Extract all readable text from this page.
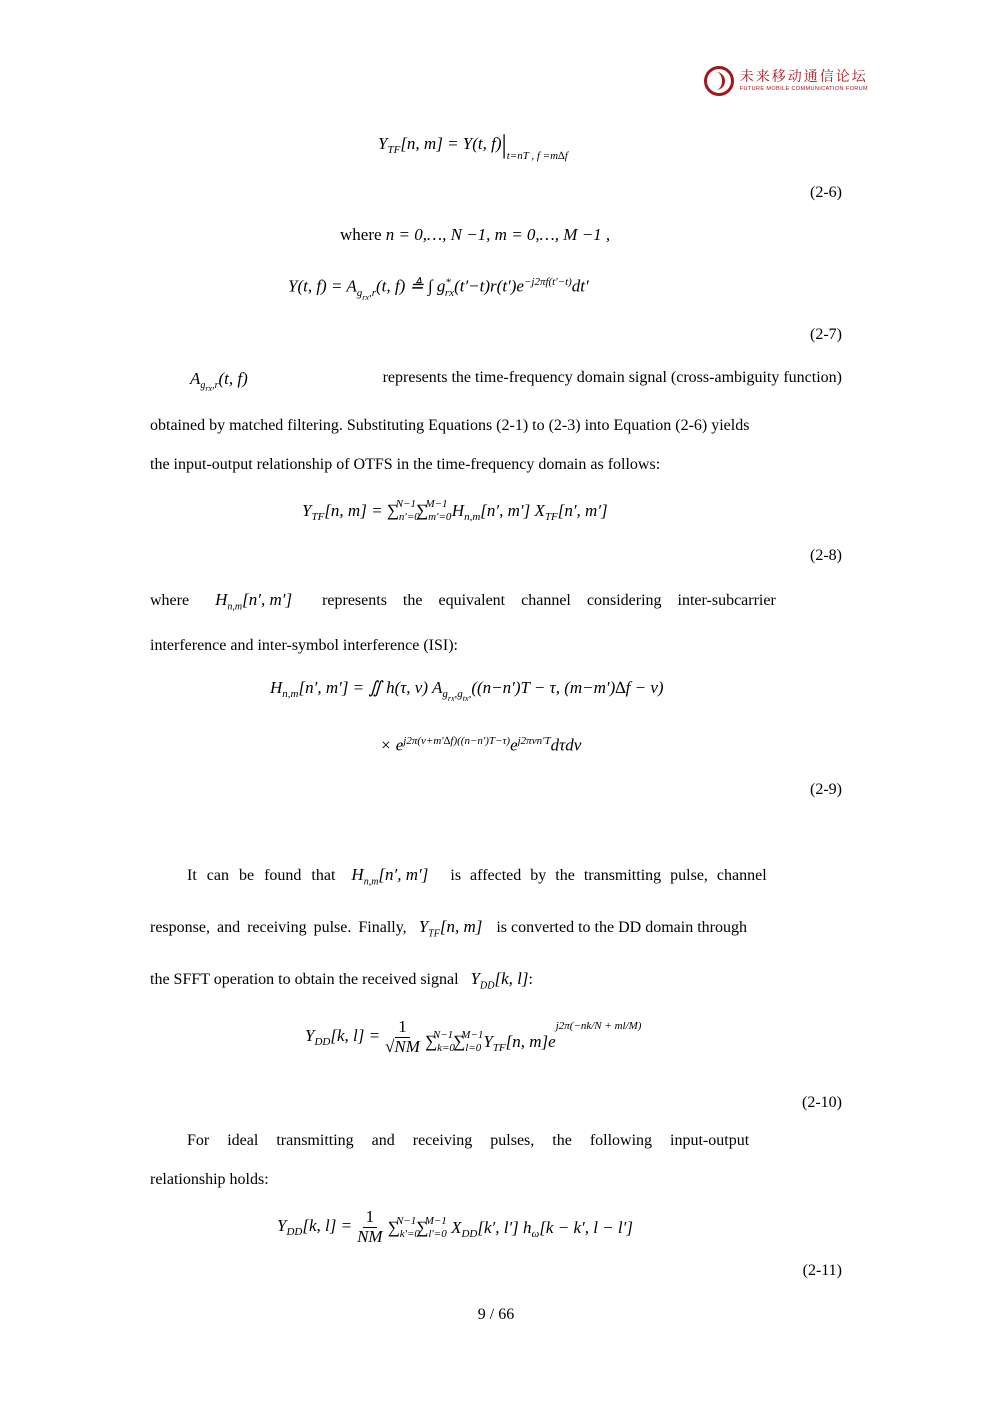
未来移动通信论坛
FUTURE MOBILE COMMUNICATION FORUM
$Y_{TF}[n$, m] = Y(t, $f)|_{t=nT , f =m\Delta f}$
(2-6)
where n = 0,…, N −1, m = 0,…, M −1 ,
Y(t, $f) = A_{g_{rx},r}(t$, f) ≜ ∫ $g^*_{rx}(t'-t)r(t')e^{-j2\pi f(t'-t)}dt'$
(2-7)
$A_{g_{rx},r}(t$, f)	represents the time-frequency domain signal (cross-ambiguity function)
obtained by matched filtering. Substituting Equations (2-1) to (2-3) into Equation (2-6) yields
the input-output relationship of OTFS in the time-frequency domain as follows:
$Y_{TF}[n$, $m] = \sum_{n'=0}^{N-1}\sum_{m'=0}^{M-1}$ $H_{n,m}[n'$, m′] $X_{TF}[n'$, m′]
(2-8)
where $H_{n,m}[n'$, m′] represents the equivalent channel considering inter-subcarrier
interference and inter-symbol interference (ISI):
$H_{n,m}[n'$, m′] = ∬ h(τ, v) $A_{g_{rx},g_{tx},}((n-n')T - \tau$, (m−m′)∆f − v)
× $e^{j2\pi(v+m'\Delta f)((n-n')T-\tau)}e^{j2\pi vn'T}d\tau dv$
(2-9)
It can be found that $H_{n,m}[n'$, m′] is affected by the transmitting pulse, channel
response, and receiving pulse. Finally, $Y_{TF}[n$, m] is converted to the DD domain through
the SFFT operation to obtain the received signal $Y_{DD}[k$, l] :
$Y_{DD}[k$, $l] = \frac{1}{√NM} \sum_{k=0}^{N-1}\sum_{l=0}^{M-1}Y_{TF}[n$, $m]e^{j2\pi(-nk/N + ml/M)}$
(2-10)
For ideal transmitting and receiving pulses, the following input-output
relationship holds:
$Y_{DD}[k$, $l] = \frac{1}{NM} \sum_{k'=0}^{N-1}\sum_{l'=0}^{M-1}$ $X_{DD}[k'$, l′] $h_\omega[k - k'$, l − l′]
(2-11)
9 / 66
